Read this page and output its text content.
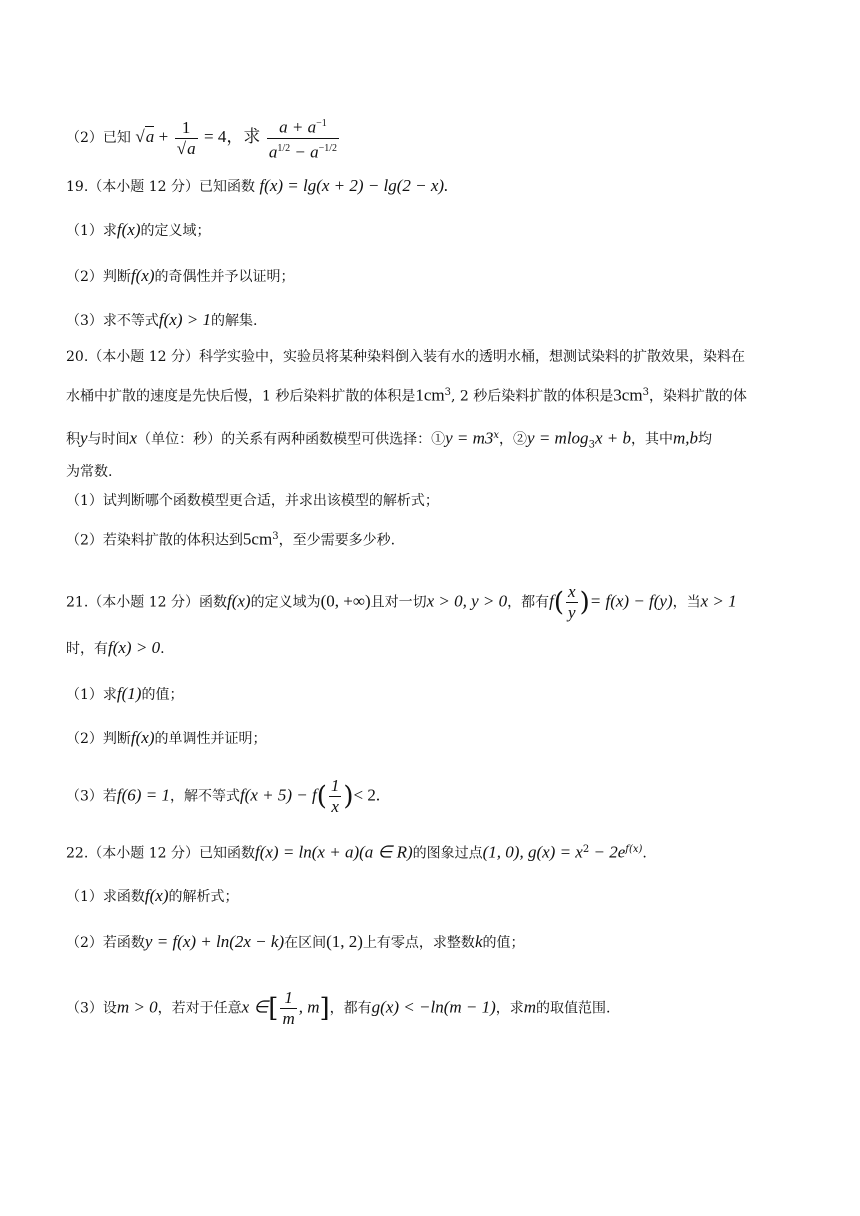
（2）已知 $√a + \frac{1}{√a} = 4$，求 $\frac{a + a^{-1}}{a^{1/2} - a^{-1/2}}$
19.（本小题 12 分）已知函数 f(x) = lg(x + 2) − lg(2 − x).
（1）求f(x)的定义域；
（2）判断f(x)的奇偶性并予以证明；
（3）求不等式f(x) > 1的解集.
20.（本小题 12 分）科学实验中，实验员将某种染料倒入装有水的透明水桶，想测试染料的扩散效果，染料在
水桶中扩散的速度是先快后慢，1 秒后染料扩散的体积是$1cm^3$, 2 秒后染料扩散的体积是$3cm^3$，染料扩散的体
积y与时间x（单位：秒）的关系有两种函数模型可供选择：①y = $m3^x$，②y = mlog$_3$x + b，其中m,b均
为常数.
（1）试判断哪个函数模型更合适，并求出该模型的解析式；
（2）若染料扩散的体积达到$5cm^3$，至少需要多少秒.
21.（本小题 12 分）函数f(x)的定义域为(0, +∞)且对一切x > 0, y > 0，都有$f( \frac{x}{y}$ )= f(x) − f(y)，当x > 1
时，有f(x) > 0.
（1）求f(1)的值；
（2）判断f(x)的单调性并证明；
（3）若f(6) = 1，解不等式$f(x + 5) - f( \frac{1}{x}$ )< 2.
22.（本小题 12 分）已知函数f(x) = ln(x + a)(a ∈ R)的图象过点(1, 0), $g(x) = x^2 - 2e^{f(x)}$.
（1）求函数f(x)的解析式；
（2）若函数y = f(x) + ln(2x − k)在区间(1, 2)上有零点，求整数k的值；
（3）设m > 0，若对于任意x ∈[ $\frac{1}{m}$ , m]，都有g(x) < −ln(m − 1)，求m的取值范围.
